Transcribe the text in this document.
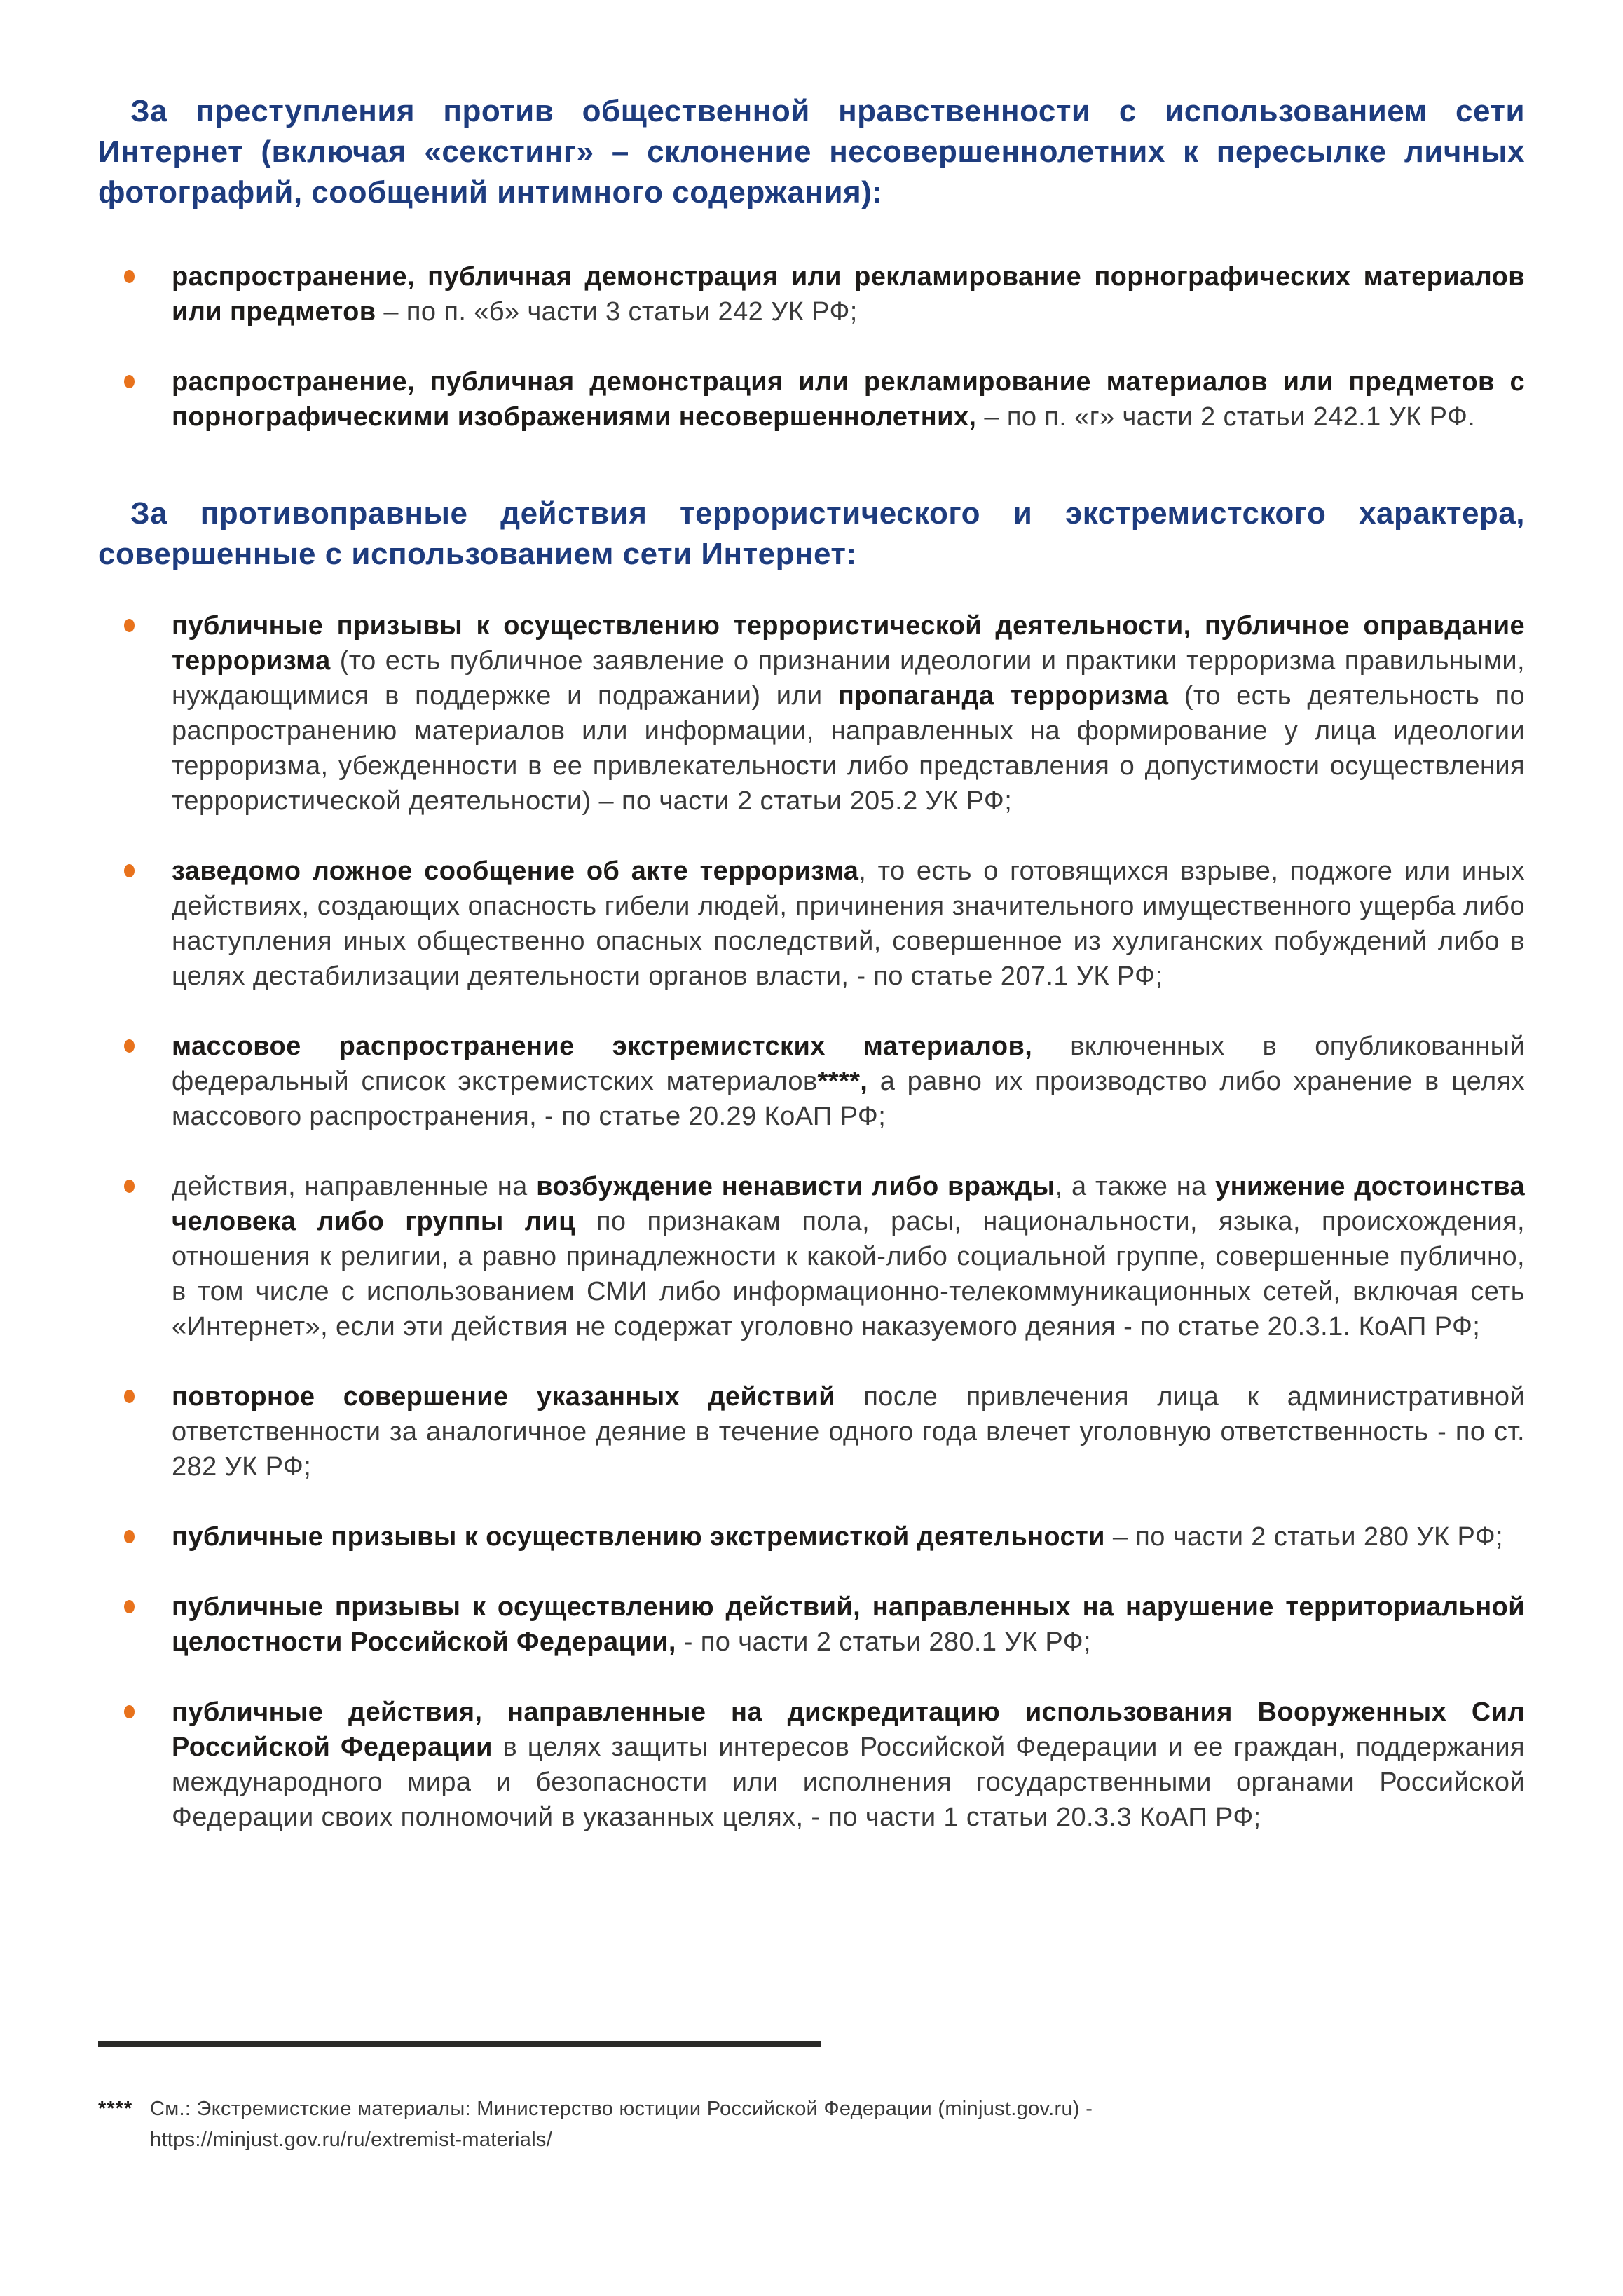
За преступления против общественной нравственности с использованием сети Интернет (включая «секстинг» – склонение несовершеннолетних к пересылке личных фотографий, сообщений интимного содержания):
распространение, публичная демонстрация или рекламирование порнографических материалов или предметов – по п. «б» части 3 статьи 242 УК РФ;
распространение, публичная демонстрация или рекламирование материалов или предметов с порнографическими изображениями несовершеннолетних, – по п. «г» части 2 статьи 242.1 УК РФ.
За противоправные действия террористического и экстремистского характера, совершенные с использованием сети Интернет:
публичные призывы к осуществлению террористической деятельности, публичное оправдание терроризма (то есть публичное заявление о признании идеологии и практики терроризма правильными, нуждающимися в поддержке и подражании) или пропаганда терроризма (то есть деятельность по распространению материалов или информации, направленных на формирование у лица идеологии терроризма, убежденности в ее привлекательности либо представления о допустимости осуществления террористической деятельности) – по части 2 статьи 205.2 УК РФ;
заведомо ложное сообщение об акте терроризма, то есть о готовящихся взрыве, поджоге или иных действиях, создающих опасность гибели людей, причинения значительного имущественного ущерба либо наступления иных общественно опасных последствий, совершенное из хулиганских побуждений либо в целях дестабилизации деятельности органов власти, - по статье 207.1 УК РФ;
массовое распространение экстремистских материалов, включенных в опубликованный федеральный список экстремистских материалов****, а равно их производство либо хранение в целях массового распространения, - по статье 20.29 КоАП РФ;
действия, направленные на возбуждение ненависти либо вражды, а также на унижение достоинства человека либо группы лиц по признакам пола, расы, национальности, языка, происхождения, отношения к религии, а равно принадлежности к какой-либо социальной группе, совершенные публично, в том числе с использованием СМИ либо информационно-телекоммуникационных сетей, включая сеть «Интернет», если эти действия не содержат уголовно наказуемого деяния - по статье 20.3.1. КоАП РФ;
повторное совершение указанных действий после привлечения лица к административной ответственности за аналогичное деяние в течение одного года влечет уголовную ответственность - по ст. 282 УК РФ;
публичные призывы к осуществлению экстремисткой деятельности – по части 2 статьи 280 УК РФ;
публичные призывы к осуществлению действий, направленных на нарушение территориальной целостности Российской Федерации, - по части 2 статьи 280.1 УК РФ;
публичные действия, направленные на дискредитацию использования Вооруженных Сил Российской Федерации в целях защиты интересов Российской Федерации и ее граждан, поддержания международного мира и безопасности или исполнения государственными органами Российской Федерации своих полномочий в указанных целях, - по части 1 статьи 20.3.3 КоАП РФ;
**** См.: Экстремистские материалы: Министерство юстиции Российской Федерации (minjust.gov.ru) -
https://minjust.gov.ru/ru/extremist-materials/
